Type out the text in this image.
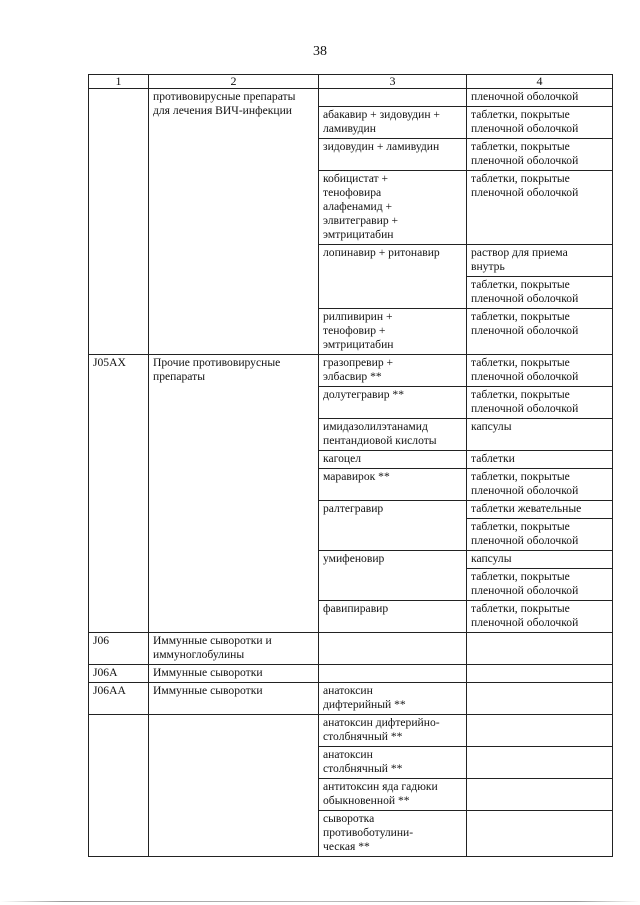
38
1	2	3	4

	противовирусные препараты
для лечения ВИЧ-инфекции		пленочной оболочкой

		абакавир + зидовудин +
ламивудин	таблетки, покрытые
пленочной оболочкой

		зидовудин + ламивудин	таблетки, покрытые
пленочной оболочкой

		кобицистат +
тенофовира
алафенамид +
элвитегравир +
эмтрицитабин	таблетки, покрытые
пленочной оболочкой

		лопинавир + ритонавир	раствор для приема
внутрь

			таблетки, покрытые
пленочной оболочкой

		рилпивирин +
тенофовир +
эмтрицитабин	таблетки, покрытые
пленочной оболочкой

J05AX	Прочие противовирусные
препараты	гразопревир +
элбасвир **	таблетки, покрытые
пленочной оболочкой

		долутегравир **	таблетки, покрытые
пленочной оболочкой

		имидазолилэтанамид
пентандиовой кислоты	капсулы

		кагоцел	таблетки

		маравирок **	таблетки, покрытые
пленочной оболочкой

		ралтегравир	таблетки жевательные

			таблетки, покрытые
пленочной оболочкой

		умифеновир	капсулы

			таблетки, покрытые
пленочной оболочкой

		фавипиравир	таблетки, покрытые
пленочной оболочкой

J06	Иммунные сыворотки и
иммуноглобулины		

J06A	Иммунные сыворотки		

J06AA	Иммунные сыворотки	анатоксин
дифтерийный **	

		анатоксин дифтерийно-
столбнячный **	

		анатоксин
столбнячный **	

		антитоксин яда гадюки
обыкновенной **	

		сыворотка
противоботулини-
ческая **	
